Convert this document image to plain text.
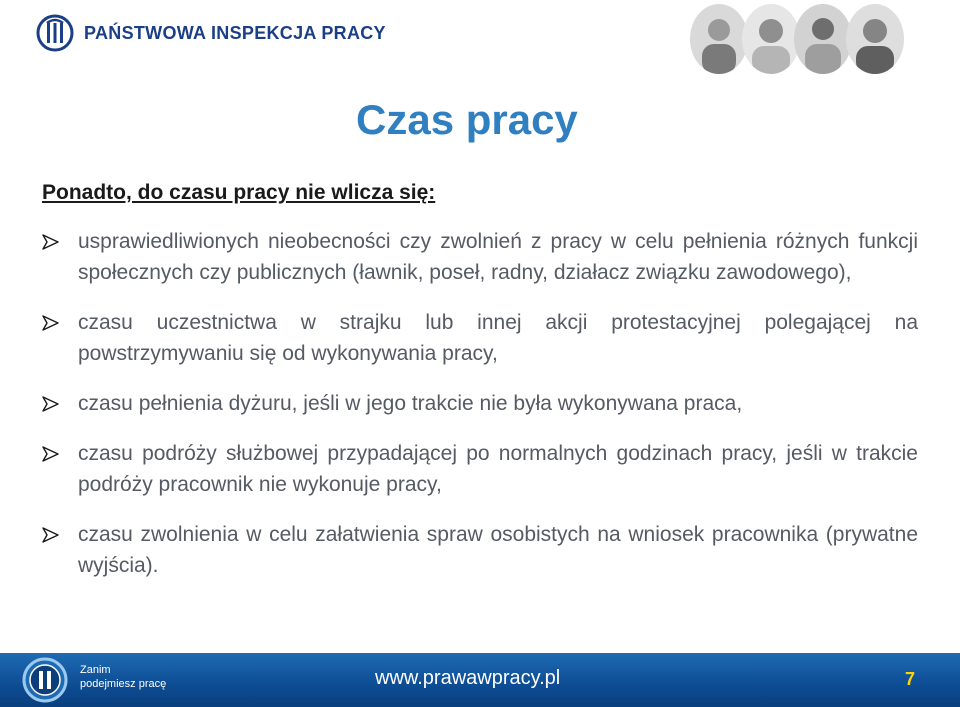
PAŃSTWOWA INSPEKCJA PRACY
Czas pracy
Ponadto, do czasu pracy nie wlicza się:
usprawiedliwionych nieobecności czy zwolnień z pracy w celu pełnienia różnych funkcji społecznych czy publicznych (ławnik, poseł, radny, działacz związku zawodowego),
czasu uczestnictwa w strajku lub innej akcji protestacyjnej polegającej na powstrzymywaniu się od wykonywania pracy,
czasu pełnienia dyżuru, jeśli w jego trakcie nie była wykonywana praca,
czasu podróży służbowej przypadającej po normalnych godzinach pracy, jeśli w trakcie podróży pracownik nie wykonuje pracy,
czasu zwolnienia w celu załatwienia spraw osobistych na wniosek pracownika (prywatne wyjścia).
Zanim
podejmiesz pracę	www.prawawpracy.pl	7
